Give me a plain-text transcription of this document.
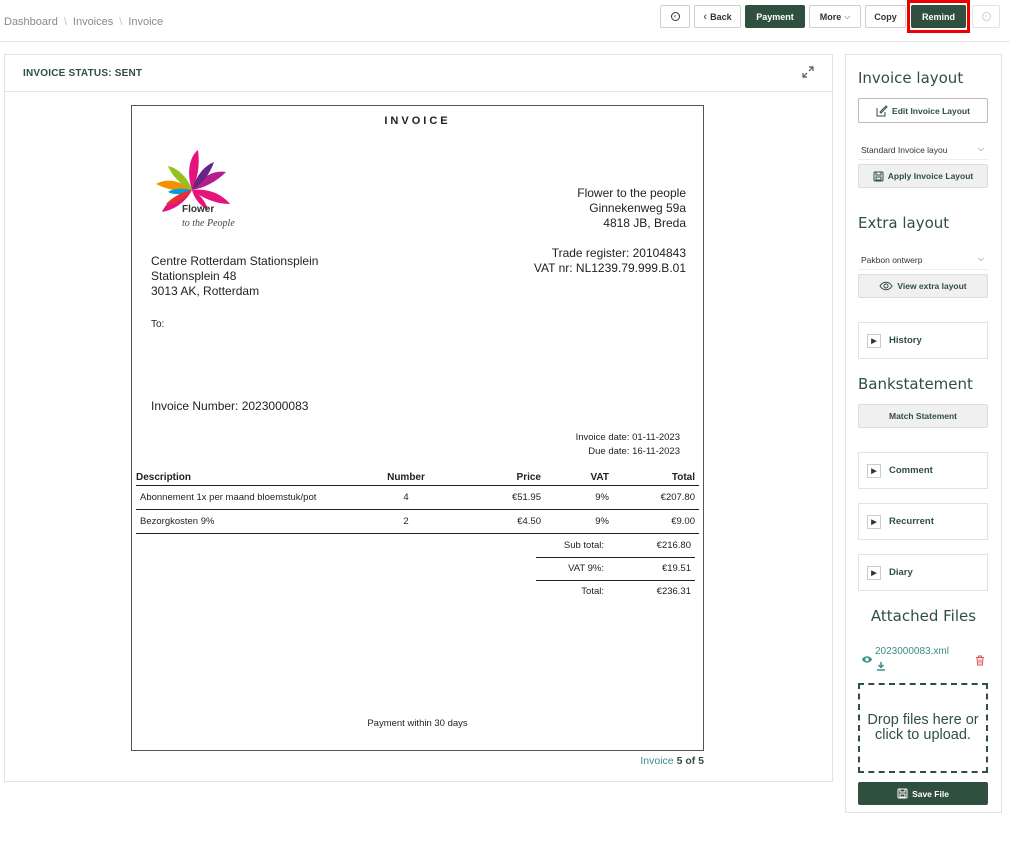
Dashboard \ Invoices \ Invoice	‹	‹ Back	Payment	More ⌵	Copy	Remind	›
INVOICE STATUS: SENT
INVOICE
Flower
to the People
Flower to the people
Ginnekenweg 59a
4818 JB, Breda
Trade register: 20104843
VAT nr: NL1239.79.999.B.01
Centre Rotterdam Stationsplein
Stationsplein 48
3013 AK, Rotterdam
To:
Invoice Number: 2023000083
Invoice date: 01-11-2023
Due date: 16-11-2023
Description	Number	Price	VAT	Total
Abonnement 1x per maand bloemstuk/pot	4	€51.95	9%	€207.80
Bezorgkosten 9%	2	€4.50	9%	€9.00
Sub total:	€216.80
VAT 9%:	€19.51
Total:	€236.31
Payment within 30 days
Invoice 5 of 5
Invoice layout
Edit Invoice Layout
Standard Invoice layou	⌵
Apply Invoice Layout
Extra layout
Pakbon ontwerp	⌵
View extra layout
▶	History
Bankstatement
Match Statement
▶	Comment
▶	Recurrent
▶	Diary
Attached Files
2023000083.xml
Drop files here or click to upload.
Save File
